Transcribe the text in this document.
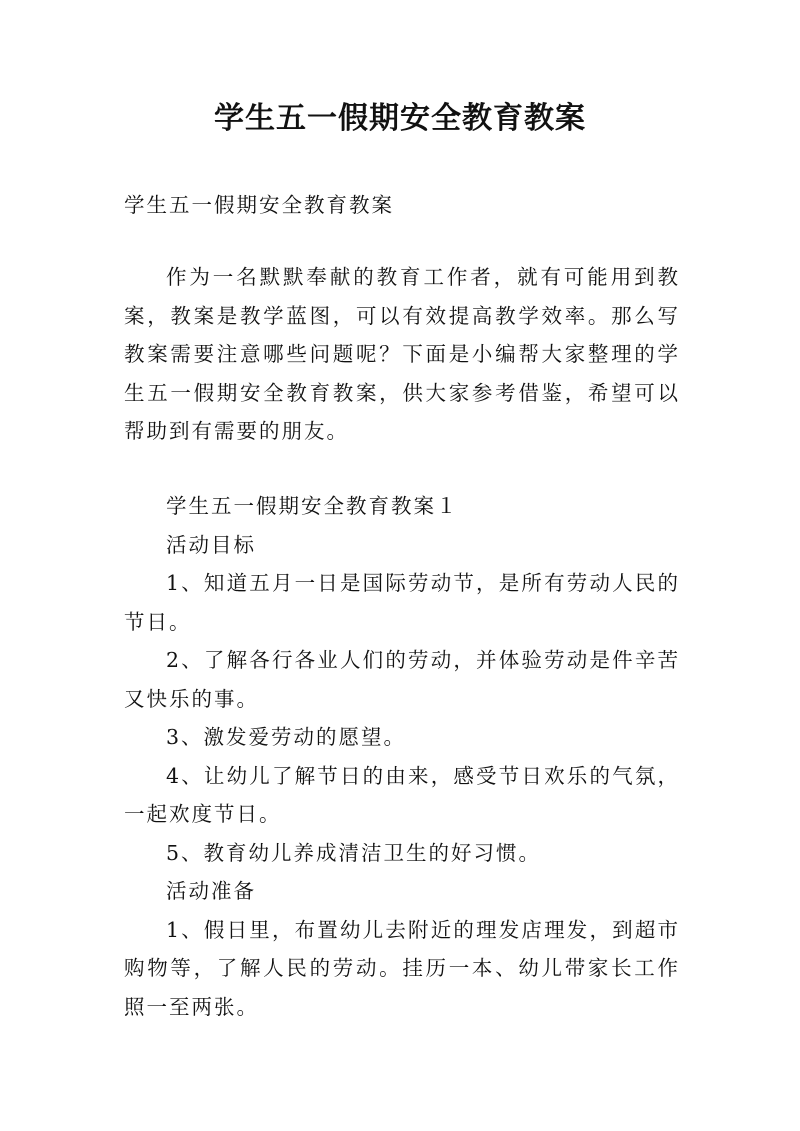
学生五一假期安全教育教案
学生五一假期安全教育教案

作为一名默默奉献的教育工作者，就有可能用到教案，教案是教学蓝图，可以有效提高教学效率。那么写教案需要注意哪些问题呢？下面是小编帮大家整理的学生五一假期安全教育教案，供大家参考借鉴，希望可以帮助到有需要的朋友。

学生五一假期安全教育教案１

活动目标

1、知道五月一日是国际劳动节，是所有劳动人民的节日。

2、了解各行各业人们的劳动，并体验劳动是件辛苦又快乐的事。

3、激发爱劳动的愿望。

4、让幼儿了解节日的由来，感受节日欢乐的气氛，一起欢度节日。

5、教育幼儿养成清洁卫生的好习惯。

活动准备

1、假日里，布置幼儿去附近的理发店理发，到超市购物等，了解人民的劳动。挂历一本、幼儿带家长工作照一至两张。
